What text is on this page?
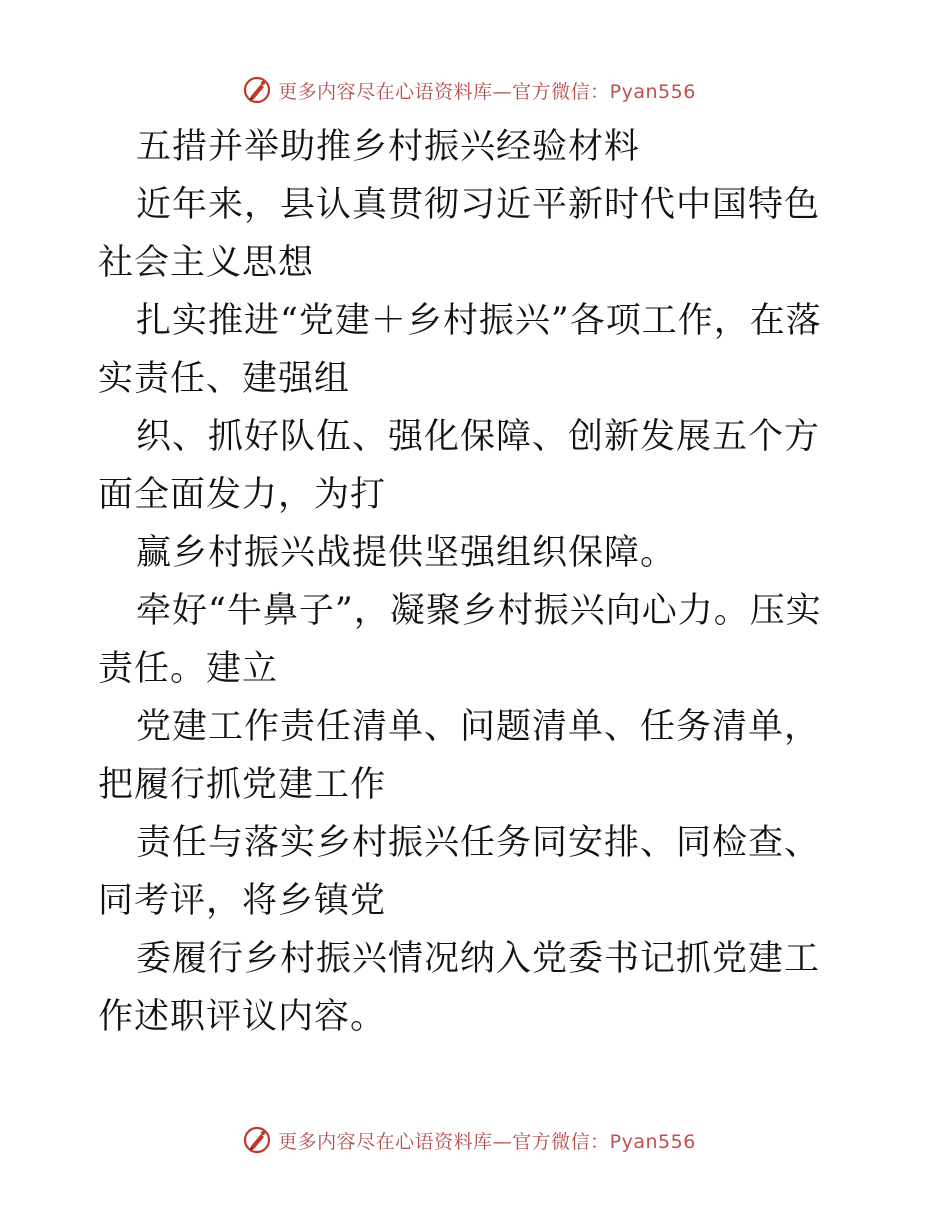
更多内容尽在心语资料库—官方微信：Pyan556

五措并举助推乡村振兴经验材料

近年来，县认真贯彻习近平新时代中国特色社会主义思想

扎实推进“党建＋乡村振兴”各项工作，在落实责任、建强组

织、抓好队伍、强化保障、创新发展五个方面全面发力，为打

赢乡村振兴战提供坚强组织保障。

牵好“牛鼻子”，凝聚乡村振兴向心力。压实责任。建立

党建工作责任清单、问题清单、任务清单，把履行抓党建工作

责任与落实乡村振兴任务同安排、同检查、同考评，将乡镇党

委履行乡村振兴情况纳入党委书记抓党建工作述职评议内容。

更多内容尽在心语资料库—官方微信：Pyan556
